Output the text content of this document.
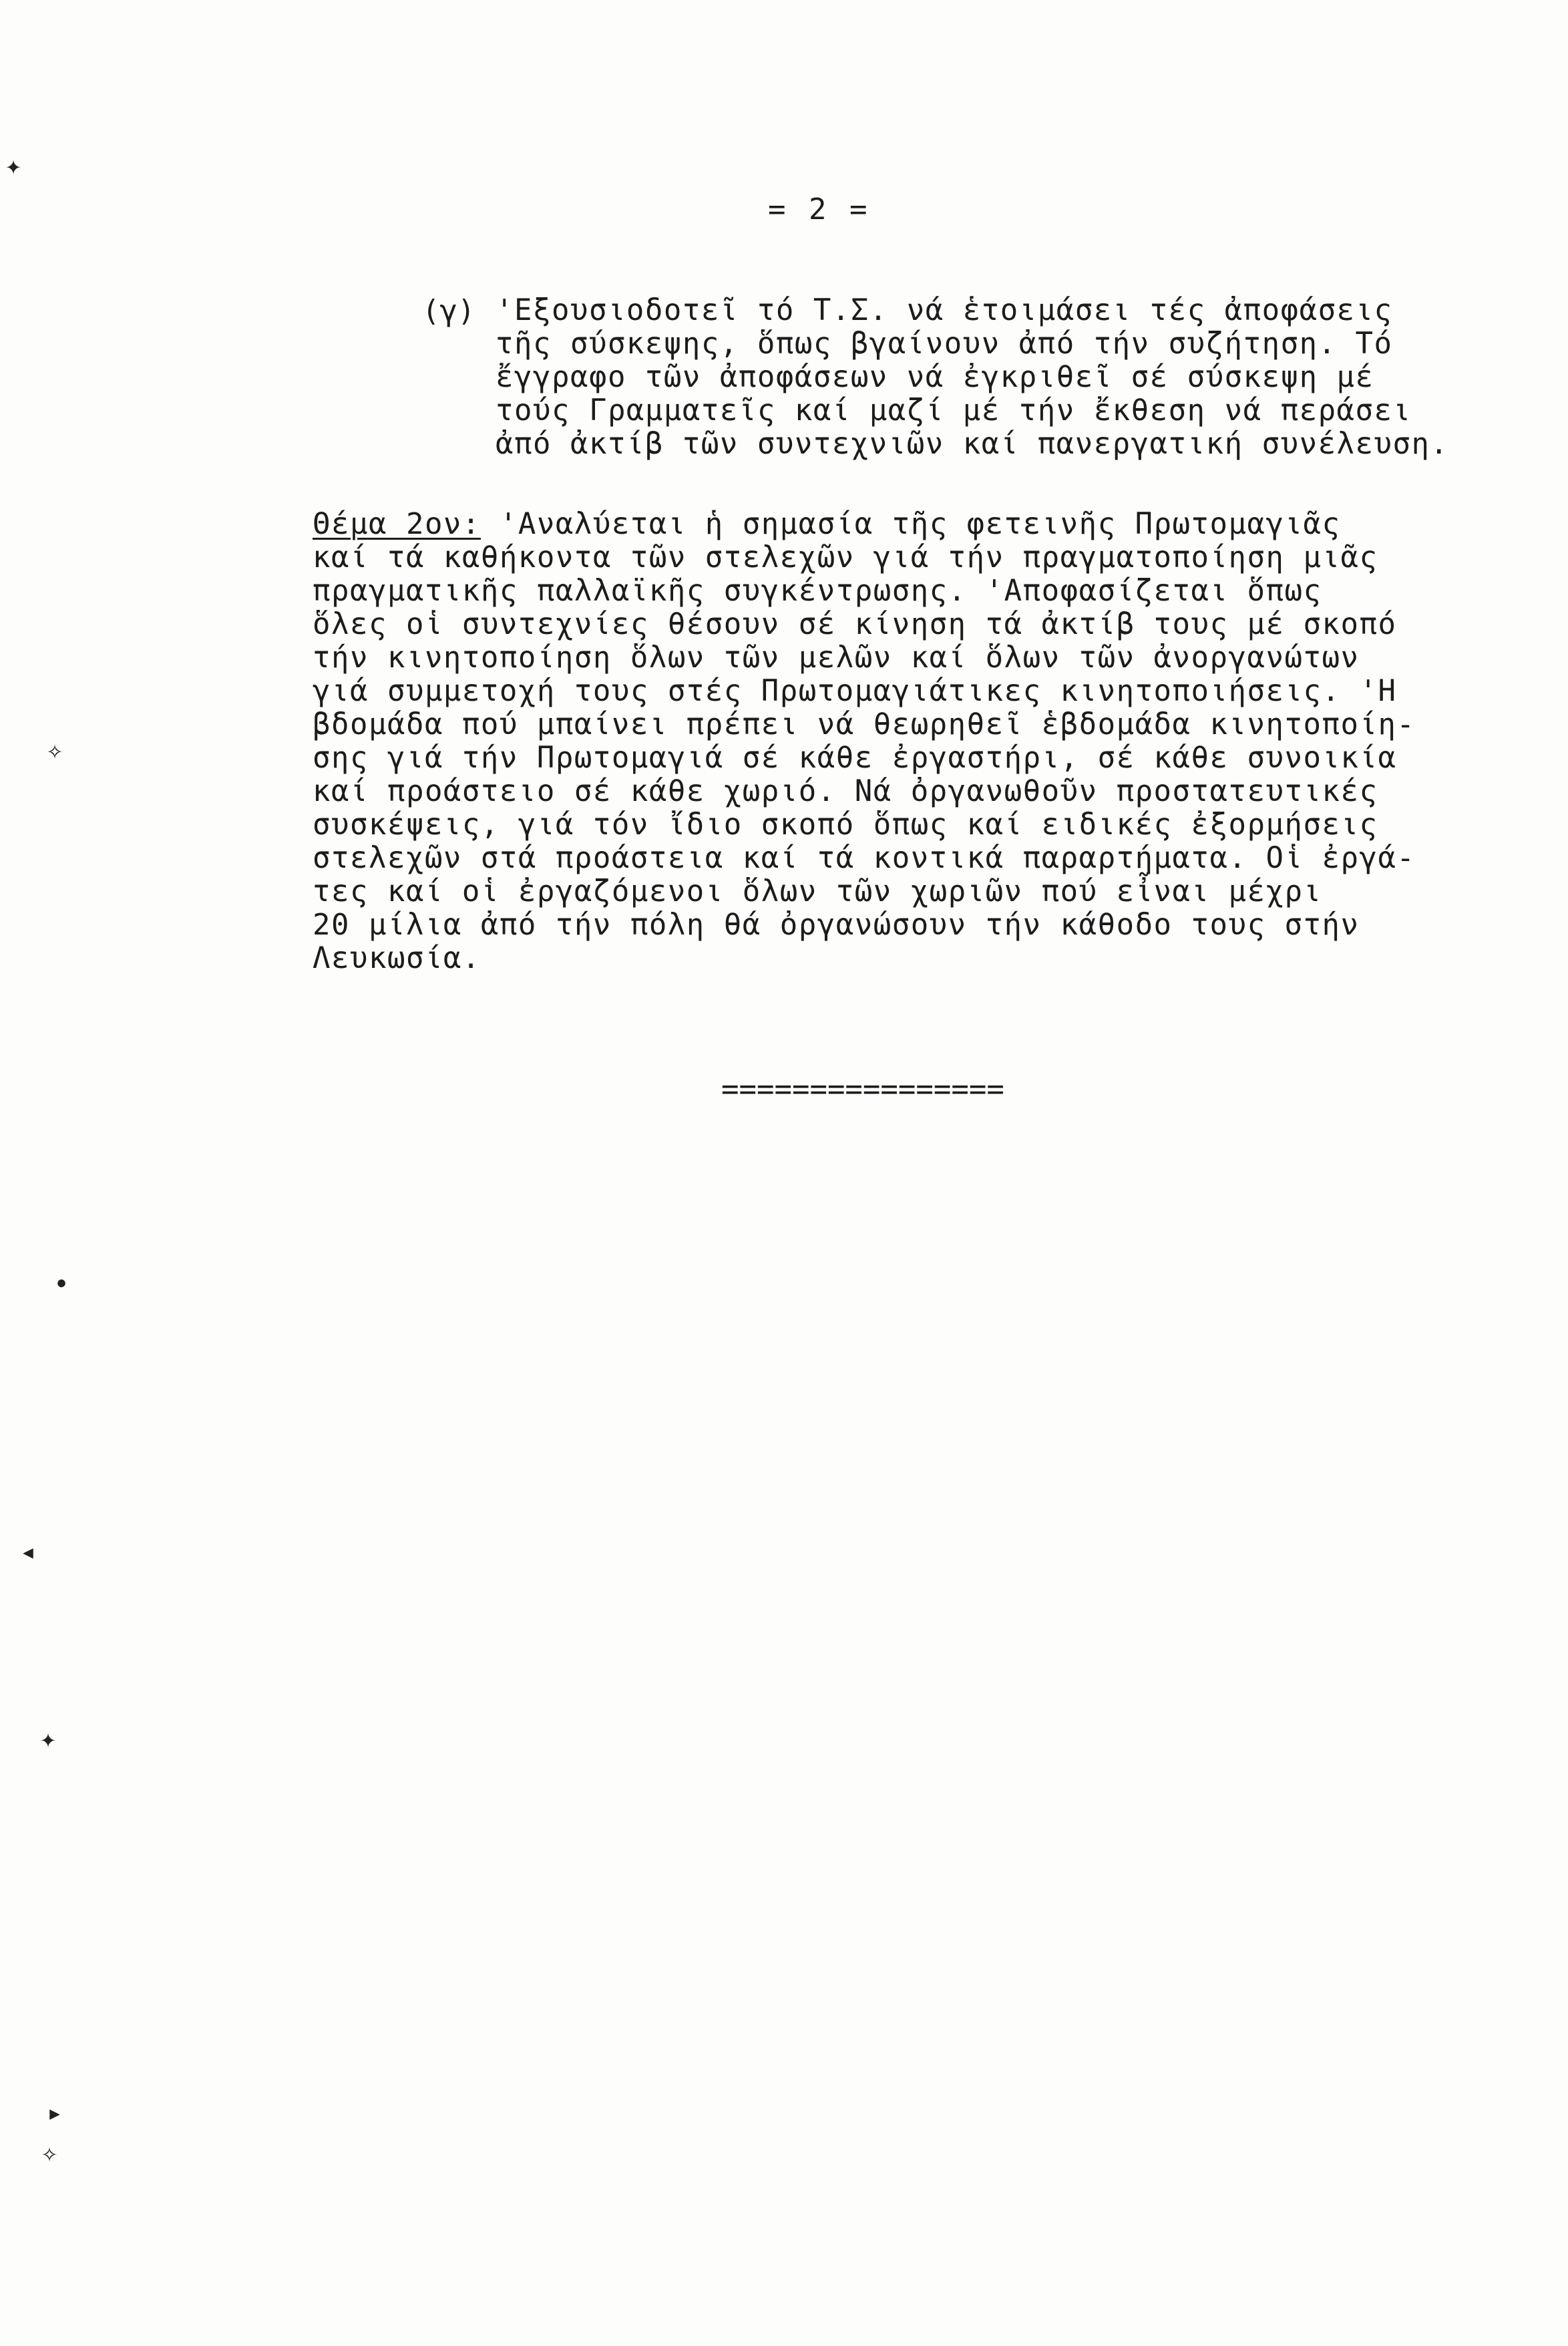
= 2 =
(γ) 'Εξουσιοδοτεῖ τό Τ.Σ. νά ἑτοιμάσει τές ἀποφάσεις
τῆς σύσκεψης, ὅπως βγαίνουν ἀπό τήν συζήτηση. Τό
ἔγγραφο τῶν ἀποφάσεων νά ἐγκριθεῖ σέ σύσκεψη μέ
τούς Γραμματεῖς καί μαζί μέ τήν ἔκθεση νά περάσει
ἀπό ἀκτίβ τῶν συντεχνιῶν καί πανεργατική συνέλευση.
Θέμα 2ον: 'Αναλύεται ἡ σημασία τῆς φετεινῆς Πρωτομαγιᾶς
καί τά καθήκοντα τῶν στελεχῶν γιά τήν πραγματοποίηση μιᾶς
πραγματικῆς παλλαϊκῆς συγκέντρωσης. 'Αποφασίζεται ὅπως
ὅλες οἱ συντεχνίες θέσουν σέ κίνηση τά ἀκτίβ τους μέ σκοπό
τήν κινητοποίηση ὅλων τῶν μελῶν καί ὅλων τῶν ἀνοργανώτων
γιά συμμετοχή τους στές Πρωτομαγιάτικες κινητοποιήσεις. 'Η
βδομάδα πού μπαίνει πρέπει νά θεωρηθεῖ ἑβδομάδα κινητοποίη-
σης γιά τήν Πρωτομαγιά σέ κάθε ἐργαστήρι, σέ κάθε συνοικία
καί προάστειο σέ κάθε χωριό. Νά ὀργανωθοῦν προστατευτικές
συσκέψεις, γιά τόν ἴδιο σκοπό ὅπως καί ειδικές ἐξορμήσεις
στελεχῶν στά προάστεια καί τά κοντικά παραρτήματα. Οἱ ἐργά-
τες καί οἱ ἐργαζόμενοι ὅλων τῶν χωριῶν πού εἶναι μέχρι
20 μίλια ἀπό τήν πόλη θά ὀργανώσουν τήν κάθοδο τους στήν
Λευκωσία.
================
✦
✧
•
◂
✦
▸
✧
